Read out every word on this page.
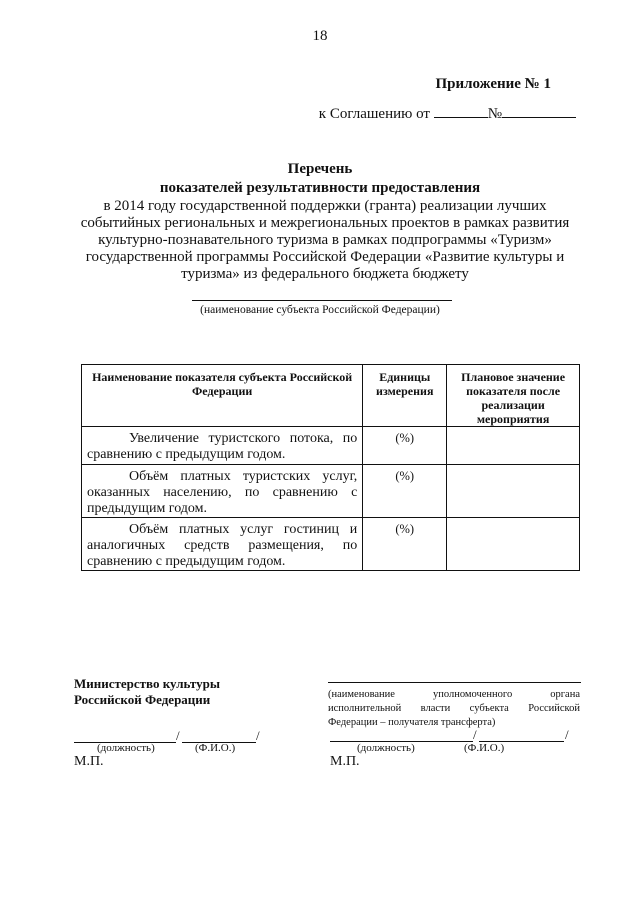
18
Приложение № 1
к Соглашению от	№
Перечень
показателей результативности предоставления
в 2014 году государственной поддержки (гранта) реализации лучших
событийных региональных и межрегиональных проектов в рамках развития
культурно-познавательного туризма в рамках подпрограммы «Туризм»
государственной программы Российской Федерации «Развитие культуры и
туризма» из федерального бюджета бюджету
(наименование субъекта Российской Федерации)
Наименование показателя субъекта Российской Федерации	Единицы измерения	Плановое значение показателя после реализации мероприятия

Увеличение туристского потока, по сравнению с предыдущим годом.	(%)	

Объём платных туристских услуг, оказанных населению, по сравнению с предыдущим годом.	(%)	

Объём платных услуг гостиниц и аналогичных средств размещения, по сравнению с предыдущим годом.	(%)	
Министерство культуры
Российской Федерации
/	/
(должность)	(Ф.И.О.)
М.П.
(наименование уполномоченного органа исполнительной власти субъекта Российской Федерации – получателя трансферта)
/	/
(должность)	(Ф.И.О.)
М.П.
